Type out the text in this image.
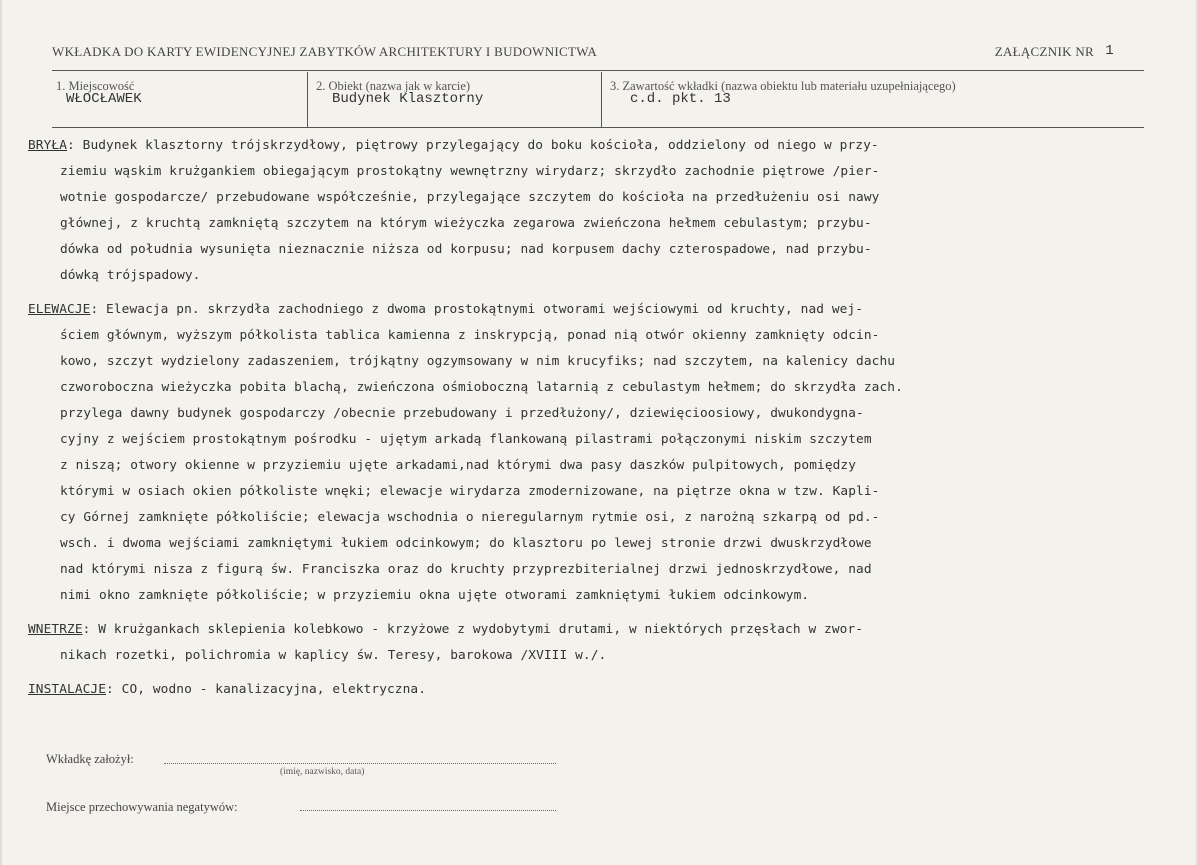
WKŁADKA DO KARTY EWIDENCYJNEJ ZABYTKÓW ARCHITEKTURY I BUDOWNICTWA	ZAŁĄCZNIK NR 1
1. Miejscowość
WŁOCŁAWEK
2. Obiekt (nazwa jak w karcie)
Budynek Klasztorny
3. Zawartość wkładki (nazwa obiektu lub materiału uzupełniającego)
c.d. pkt. 13
BRYŁA: Budynek klasztorny trójskrzydłowy, piętrowy przylegający do boku kościoła, oddzielony od niego w przy-
ziemiu wąskim krużgankiem obiegającym prostokątny wewnętrzny wirydarz; skrzydło zachodnie piętrowe /pier-
wotnie gospodarcze/ przebudowane współcześnie, przylegające szczytem do kościoła na przedłużeniu osi nawy
głównej, z kruchtą zamkniętą szczytem na którym wieżyczka zegarowa zwieńczona hełmem cebulastym; przybu-
dówka od południa wysunięta nieznacznie niższa od korpusu; nad korpusem dachy czterospadowe, nad przybu-
dówką trójspadowy.
ELEWACJE: Elewacja pn. skrzydła zachodniego z dwoma prostokątnymi otworami wejściowymi od kruchty, nad wej-
ściem głównym, wyższym półkolista tablica kamienna z inskrypcją, ponad nią otwór okienny zamknięty odcin-
kowo, szczyt wydzielony zadaszeniem, trójkątny ogzymsowany w nim krucyfiks; nad szczytem, na kalenicy dachu
czworoboczna wieżyczka pobita blachą, zwieńczona ośmioboczną latarnią z cebulastym hełmem; do skrzydła zach.
przylega dawny budynek gospodarczy /obecnie przebudowany i przedłużony/, dziewięcioosiowy, dwukondygna-
cyjny z wejściem prostokątnym pośrodku - ujętym arkadą flankowaną pilastrami połączonymi niskim szczytem
z niszą; otwory okienne w przyziemiu ujęte arkadami,nad którymi dwa pasy daszków pulpitowych, pomiędzy
którymi w osiach okien półkoliste wnęki; elewacje wirydarza zmodernizowane, na piętrze okna w tzw. Kapli-
cy Górnej zamknięte półkoliście; elewacja wschodnia o nieregularnym rytmie osi, z narożną szkarpą od pd.-
wsch. i dwoma wejściami zamkniętymi łukiem odcinkowym; do klasztoru po lewej stronie drzwi dwuskrzydłowe
nad którymi nisza z figurą św. Franciszka oraz do kruchty przyprezbiterialnej drzwi jednoskrzydłowe, nad
nimi okno zamknięte półkoliście; w przyziemiu okna ujęte otworami zamkniętymi łukiem odcinkowym.
WNETRZE: W krużgankach sklepienia kolebkowo - krzyżowe z wydobytymi drutami, w niektórych przęsłach w zwor-
nikach rozetki, polichromia w kaplicy św. Teresy, barokowa /XVIII w./.
INSTALACJE: CO, wodno - kanalizacyjna, elektryczna.
Wkładkę założył:
(imię, nazwisko, data)
Miejsce przechowywania negatywów:
